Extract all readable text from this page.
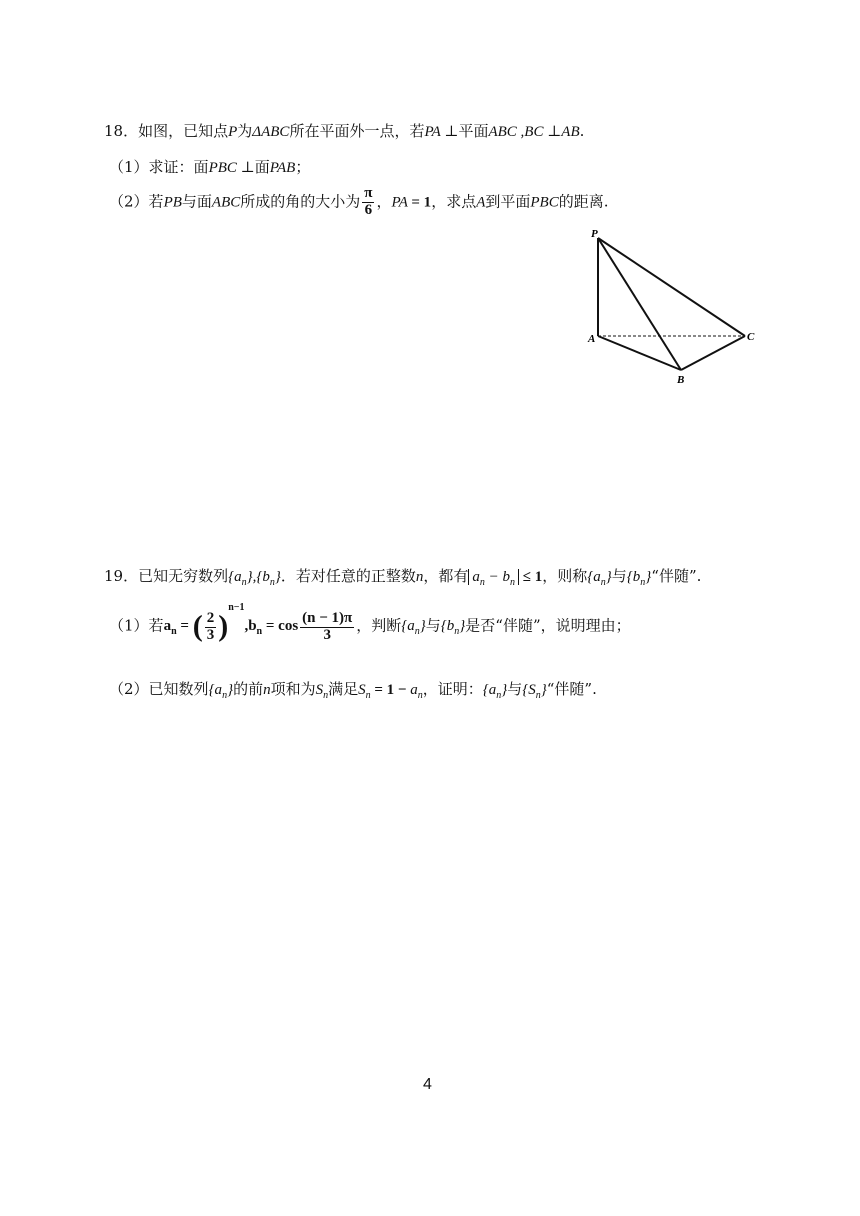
18．如图，已知点P为ΔABC所在平面外一点，若PA ⊥平面ABC ,BC ⊥AB.
（1）求证：面PBC ⊥面PAB；
（2）若PB与面ABC所成的角的大小为 $\frac{\pi}{6}$ ，PA = 1，求点A到平面PBC的距离.
P
A
B
C
19．已知无穷数列$\{a_n\},\{b_n\}$．若对任意的正整数n，都有 $a_n - b_n \le 1$，则称$\{a_n\}$与$\{b_n\}“$伴随”.
（1）若$a_n$ = ( $\frac{2}{3} )^{n-1},b_n = \cos \frac{(n - 1)\pi}{3}$ ，判断$\{a_n\}$与$\{b_n\}$是否“伴随”，说明理由；
（2）已知数列$\{a_n\}$的前n项和为$S_n$满足$S_n = 1 - a_n$，证明：$\{a_n\}$与$\{S_n\}“$伴随”.
4
